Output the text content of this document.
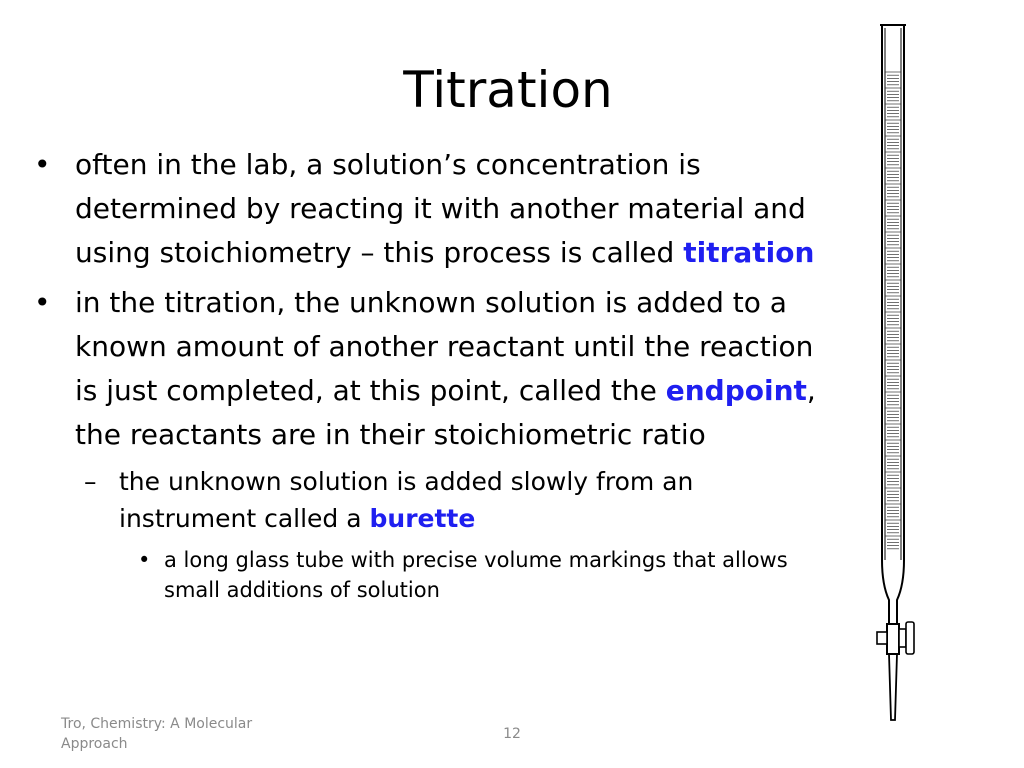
Titration
• often in the lab, a solution’s concentration is determined by reacting it with another material and using stoichiometry – this process is called titration
• in the titration, the unknown solution is added to a known amount of another reactant until the reaction is just completed, at this point, called the endpoint, the reactants are in their stoichiometric ratio
– the unknown solution is added slowly from an instrument called a burette
• a long glass tube with precise volume markings that allows small additions of solution
Tro, Chemistry: A Molecular Approach
12
